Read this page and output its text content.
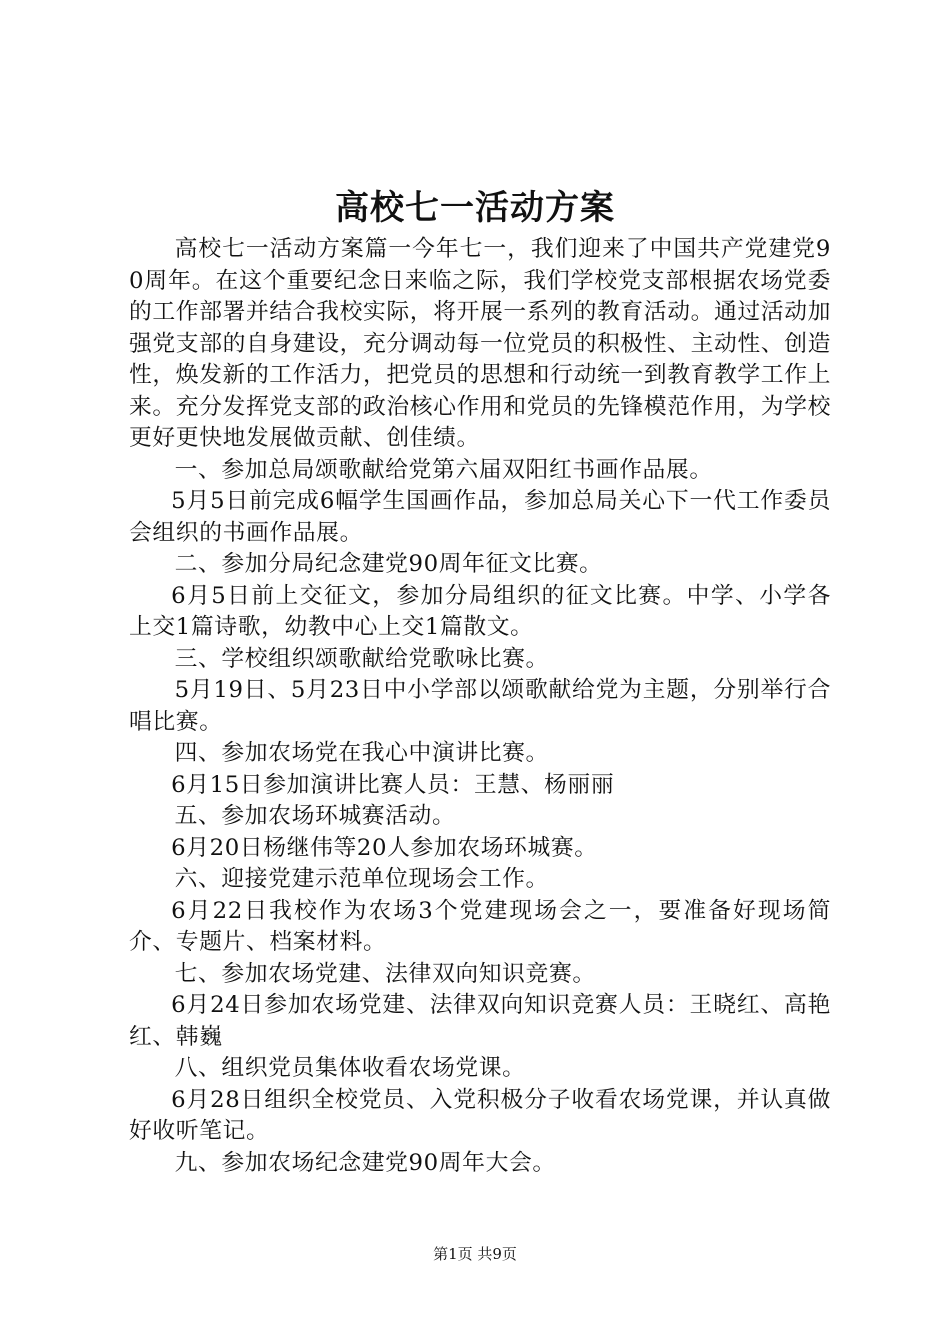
高校七一活动方案

高校七一活动方案篇一今年七一，我们迎来了中国共产党建党90周年。在这个重要纪念日来临之际，我们学校党支部根据农场党委的工作部署并结合我校实际，将开展一系列的教育活动。通过活动加强党支部的自身建设，充分调动每一位党员的积极性、主动性、创造性，焕发新的工作活力，把党员的思想和行动统一到教育教学工作上来。充分发挥党支部的政治核心作用和党员的先锋模范作用，为学校更好更快地发展做贡献、创佳绩。

一、参加总局颂歌献给党第六届双阳红书画作品展。

5月5日前完成6幅学生国画作品，参加总局关心下一代工作委员会组织的书画作品展。

二、参加分局纪念建党90周年征文比赛。

6月5日前上交征文，参加分局组织的征文比赛。中学、小学各上交1篇诗歌，幼教中心上交1篇散文。

三、学校组织颂歌献给党歌咏比赛。

5月19日、5月23日中小学部以颂歌献给党为主题，分别举行合唱比赛。

四、参加农场党在我心中演讲比赛。

6月15日参加演讲比赛人员：王慧、杨丽丽

五、参加农场环城赛活动。

6月20日杨继伟等20人参加农场环城赛。

六、迎接党建示范单位现场会工作。

6月22日我校作为农场3个党建现场会之一，要准备好现场简介、专题片、档案材料。

七、参加农场党建、法律双向知识竞赛。

6月24日参加农场党建、法律双向知识竞赛人员：王晓红、高艳红、韩巍

八、组织党员集体收看农场党课。

6月28日组织全校党员、入党积极分子收看农场党课，并认真做好收听笔记。

九、参加农场纪念建党90周年大会。

第1页 共9页
